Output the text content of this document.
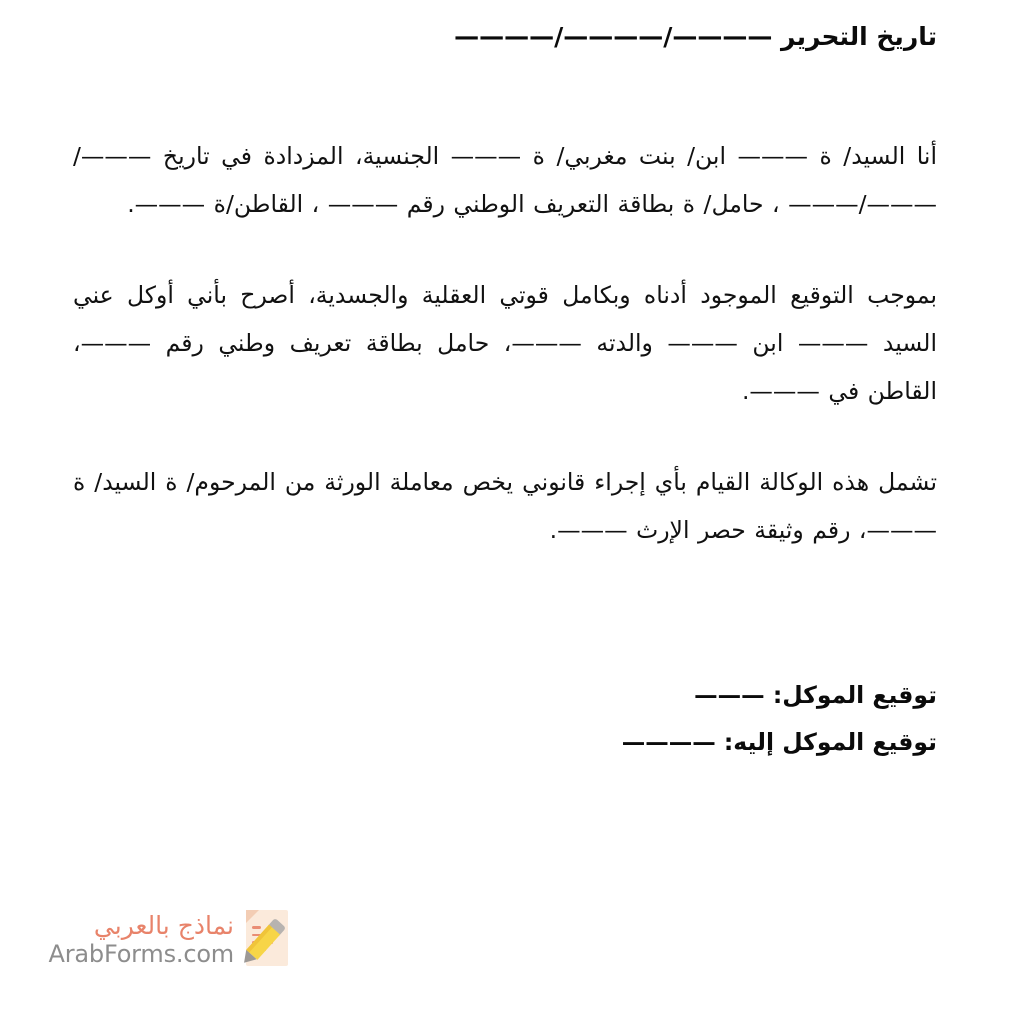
تاريخ التحرير ————/————/————

أنا السيد/ ة ——— ابن/ بنت مغربي/ ة ——— الجنسية، المزدادة في تاريخ ———/———/——— ، حامل/ ة بطاقة التعريف الوطني رقم ——— ، القاطن/ة ———.

بموجب التوقيع الموجود أدناه وبكامل قوتي العقلية والجسدية، أصرح بأني أوكل عني السيد ——— ابن ——— والدته ———، حامل بطاقة تعريف وطني رقم ———، القاطن في ———.

تشمل هذه الوكالة القيام بأي إجراء قانوني يخص معاملة الورثة من المرحوم/ ة السيد/ ة ———، رقم وثيقة حصر الإرث ———.

توقيع الموكل: ———
توقيع الموكل إليه: ————
نماذج بالعربي
ArabForms.com
